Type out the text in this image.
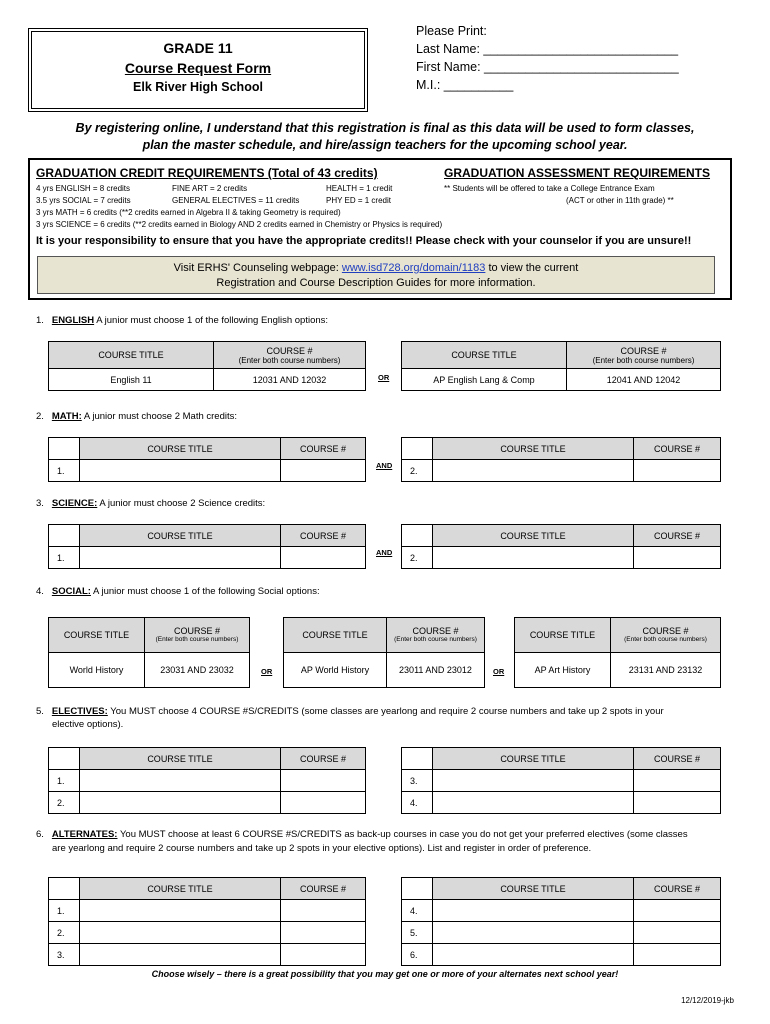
GRADE 11
Course Request Form
Elk River High School
Please Print:
Last Name: ____________________________
First Name: ____________________________
M.I.: __________
By registering online, I understand that this registration is final as this data will be used to form classes,
plan the master schedule, and hire/assign teachers for the upcoming school year.
GRADUATION CREDIT REQUIREMENTS (Total of 43 credits)	GRADUATION ASSESSMENT REQUIREMENTS
4 yrs ENGLISH = 8 credits	FINE ART = 2 credits	HEALTH = 1 credit	** Students will be offered to take a College Entrance Exam
3.5 yrs SOCIAL = 7 credits	GENERAL ELECTIVES = 11 credits	PHY ED = 1 credit	(ACT or other in 11th grade) **
3 yrs MATH = 6 credits (**2 credits earned in Algebra II & taking Geometry is required)
3 yrs SCIENCE = 6 credits (**2 credits earned in Biology AND 2 credits earned in Chemistry or Physics is required)
It is your responsibility to ensure that you have the appropriate credits!! Please check with your counselor if you are unsure!!
Visit ERHS' Counseling webpage: www.isd728.org/domain/1183 to view the current
Registration and Course Description Guides for more information.
1. ENGLISH A junior must choose 1 of the following English options:
COURSE TITLE	COURSE #
(Enter both course numbers)

English 11	12031 AND 12032	OR
COURSE TITLE	COURSE #
(Enter both course numbers)

AP English Lang & Comp	12041 AND 12042
2. MATH: A junior must choose 2 Math credits:
	COURSE TITLE	COURSE #
1.			AND
	COURSE TITLE	COURSE #
2.		
3. SCIENCE: A junior must choose 2 Science credits:
	COURSE TITLE	COURSE #
1.			AND
	COURSE TITLE	COURSE #
2.		
4. SOCIAL: A junior must choose 1 of the following Social options:
COURSE TITLE	COURSE #
(Enter both course numbers)

World History	23031 AND 23032	OR
COURSE TITLE	COURSE #
(Enter both course numbers)

AP World History	23011 AND 23012	OR
COURSE TITLE	COURSE #
(Enter both course numbers)

AP Art History	23131 AND 23132
5. ELECTIVES: You MUST choose 4 COURSE #S/CREDITS (some classes are yearlong and require 2 course numbers and take up 2 spots in your
elective options).
	COURSE TITLE	COURSE #
1.		
2.		
	COURSE TITLE	COURSE #
3.		
4.		
6. ALTERNATES: You MUST choose at least 6 COURSE #S/CREDITS as back-up courses in case you do not get your preferred electives (some classes
are yearlong and require 2 course numbers and take up 2 spots in your elective options). List and register in order of preference.
	COURSE TITLE	COURSE #
1.		
2.		
3.		
	COURSE TITLE	COURSE #
4.		
5.		
6.		
Choose wisely – there is a great possibility that you may get one or more of your alternates next school year!
12/12/2019-jkb
